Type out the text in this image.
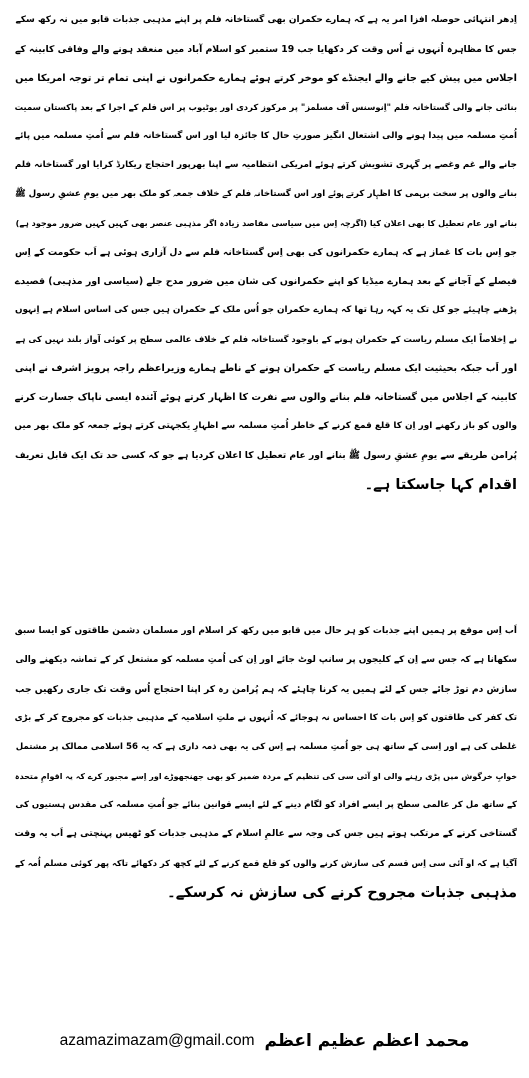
اِدھر انتہائی حوصلہ افزا امر یہ ہے کہ ہمارے حکمران بھی گستاخانہ فلم پر اپنے مذہبی جذبات قابو میں نہ رکھ سکے
جس کا مظاہرہ اُنہوں نے اُس وقت کر دکھایا جب 19 ستمبر کو اسلام آباد میں منعقد ہونے والے وفاقی کابینہ کے
اجلاس میں پیش کیے جانے والے ایجنڈے کو موخر کرتے ہوئے ہمارے حکمرانوں نے اپنی تمام تر توجہ امریکا میں
بنائی جانے والی گستاخانہ فلم "اِنوسنس آف مسلمز" پر مرکوز کردی اور یوٹیوب پر اس فلم کے اجرا کے بعد پاکستان سمیت
اُمتِ مسلمہ میں پیدا ہونے والی اشتعال انگیز صورتِ حال کا جائزہ لیا اور اس گستاخانہ فلم سے اُمتِ مسلمہ میں پائے
جانے والے غم وغصے پر گہری تشویش کرتے ہوئے امریکی انتظامیہ سے اپنا بھرپور احتجاج ریکارڈ کرایا اور گستاخانہ فلم
بنانے والوں پر سخت برہمی کا اظہار کرتے ہوئے اور اس گستاخانہ فلم کے خلاف جمعہ کو ملک بھر میں یومِ عشقِ رسول ﷺ
بنانے اور عام تعطیل کا بھی اعلان کیا (اگرچہ اِس میں سیاسی مقاصد زیادہ اگر مذہبی عنصر بھی کہیں کہیں ضرور موجود ہے)
جو اِس بات کا غماز ہے کہ ہمارے حکمرانوں کی بھی اِس گستاخانہ فلم سے دل آزاری ہوئی ہے اَب حکومت کے اِس
فیصلے کے آجانے کے بعد ہمارے میڈیا کو اپنے حکمرانوں کی شان میں ضرور مدح جلے (سیاسی اور مذہبی) قصیدے
پڑھنے چاہیئے جو کل تک یہ کہہ رہا تھا کہ ہمارے حکمران جو اُس ملک کے حکمران ہیں جس کی اساس اسلام ہے اِنہوں
نے اِخلاصاً ایک مسلم ریاست کے حکمران ہونے کے باوجود گستاخانہ فلم کے خلاف عالمی سطح پر کوئی آواز بلند نہیں کی ہے
اور اَب جبکہ بحیثیت ایک مسلم ریاست کے حکمران ہونے کے ناطے ہمارے وزیراعظم راجہ پرویز اشرف نے اپنی
کابینہ کے اجلاس میں گستاخانہ فلم بنانے والوں سے نفرت کا اظہار کرتے ہوئے آئندہ ایسی ناپاک جسارت کرنے
والوں کو باز رکھنے اور اِن کا قلع قمع کرنے کے خاطر اُمتِ مسلمہ سے اظہارِ یکجہتی کرتے ہوئے جمعہ کو ملک بھر میں
پُرامن طریقے سے یومِ عشقِ رسول ﷺ بنانے اور عام تعطیل کا اعلان کردیا ہے جو کہ کسی حد تک ایک قابل تعریف
اقدام کہا جاسکتا ہے۔
اَب اِس موقع پر ہمیں اپنے جذبات کو ہر حال میں قابو میں رکھ کر اسلام اور مسلمان دشمن طاقتوں کو ایسا سبق
سکھانا ہے کہ جس سے اِن کے کلیجوں پر سانپ لوٹ جائے اور اِن کی اُمتِ مسلمہ کو مشتعل کر کے تماشہ دیکھنے والی
سازش دم توڑ جائے جس کے لئے ہمیں یہ کرنا چاہئے کہ ہم پُرامن رہ کر اپنا احتجاج اُس وقت تک جاری رکھیں جب
تک کفر کی طاقتوں کو اِس بات کا احساس نہ ہوجائے کہ اُنہوں نے ملتِ اسلامیہ کے مذہبی جذبات کو مجروح کر کے بڑی
غلطی کی ہے اور اِسی کے ساتھ ہی جو اُمتِ مسلمہ ہے اِس کی یہ بھی ذمہ داری ہے کہ یہ 56 اسلامی ممالک پر مشتمل
خوابِ خرگوش میں پڑی رہنے والی او آئی سی کی تنظیم کے مردہ ضمیر کو بھی جھنجھوڑے اور اِسے مجبور کرے کہ یہ اقوامِ متحدہ
کے ساتھ مل کر عالمی سطح پر ایسے افراد کو لگام دینے کے لئے ایسے قوانین بنائے جو اُمتِ مسلمہ کی مقدس ہستیوں کی
گستاخی کرنے کے مرتکب ہوتے ہیں جس کی وجہ سے عالمِ اسلام کے مذہبی جذبات کو ٹھیس پہنچتی ہے اَب یہ وقت
آگیا ہے کہ او آئی سی اِس قسم کی سازش کرنے والوں کو قلع قمع کرنے کے لئے کچھ کر دکھائے تاکہ پھر کوئی مسلم اُمہ کے
مذہبی جذبات مجروح کرنے کی سازش نہ کرسکے۔
azamazimazam@gmail.com محمد اعظم عظیم اعظم
